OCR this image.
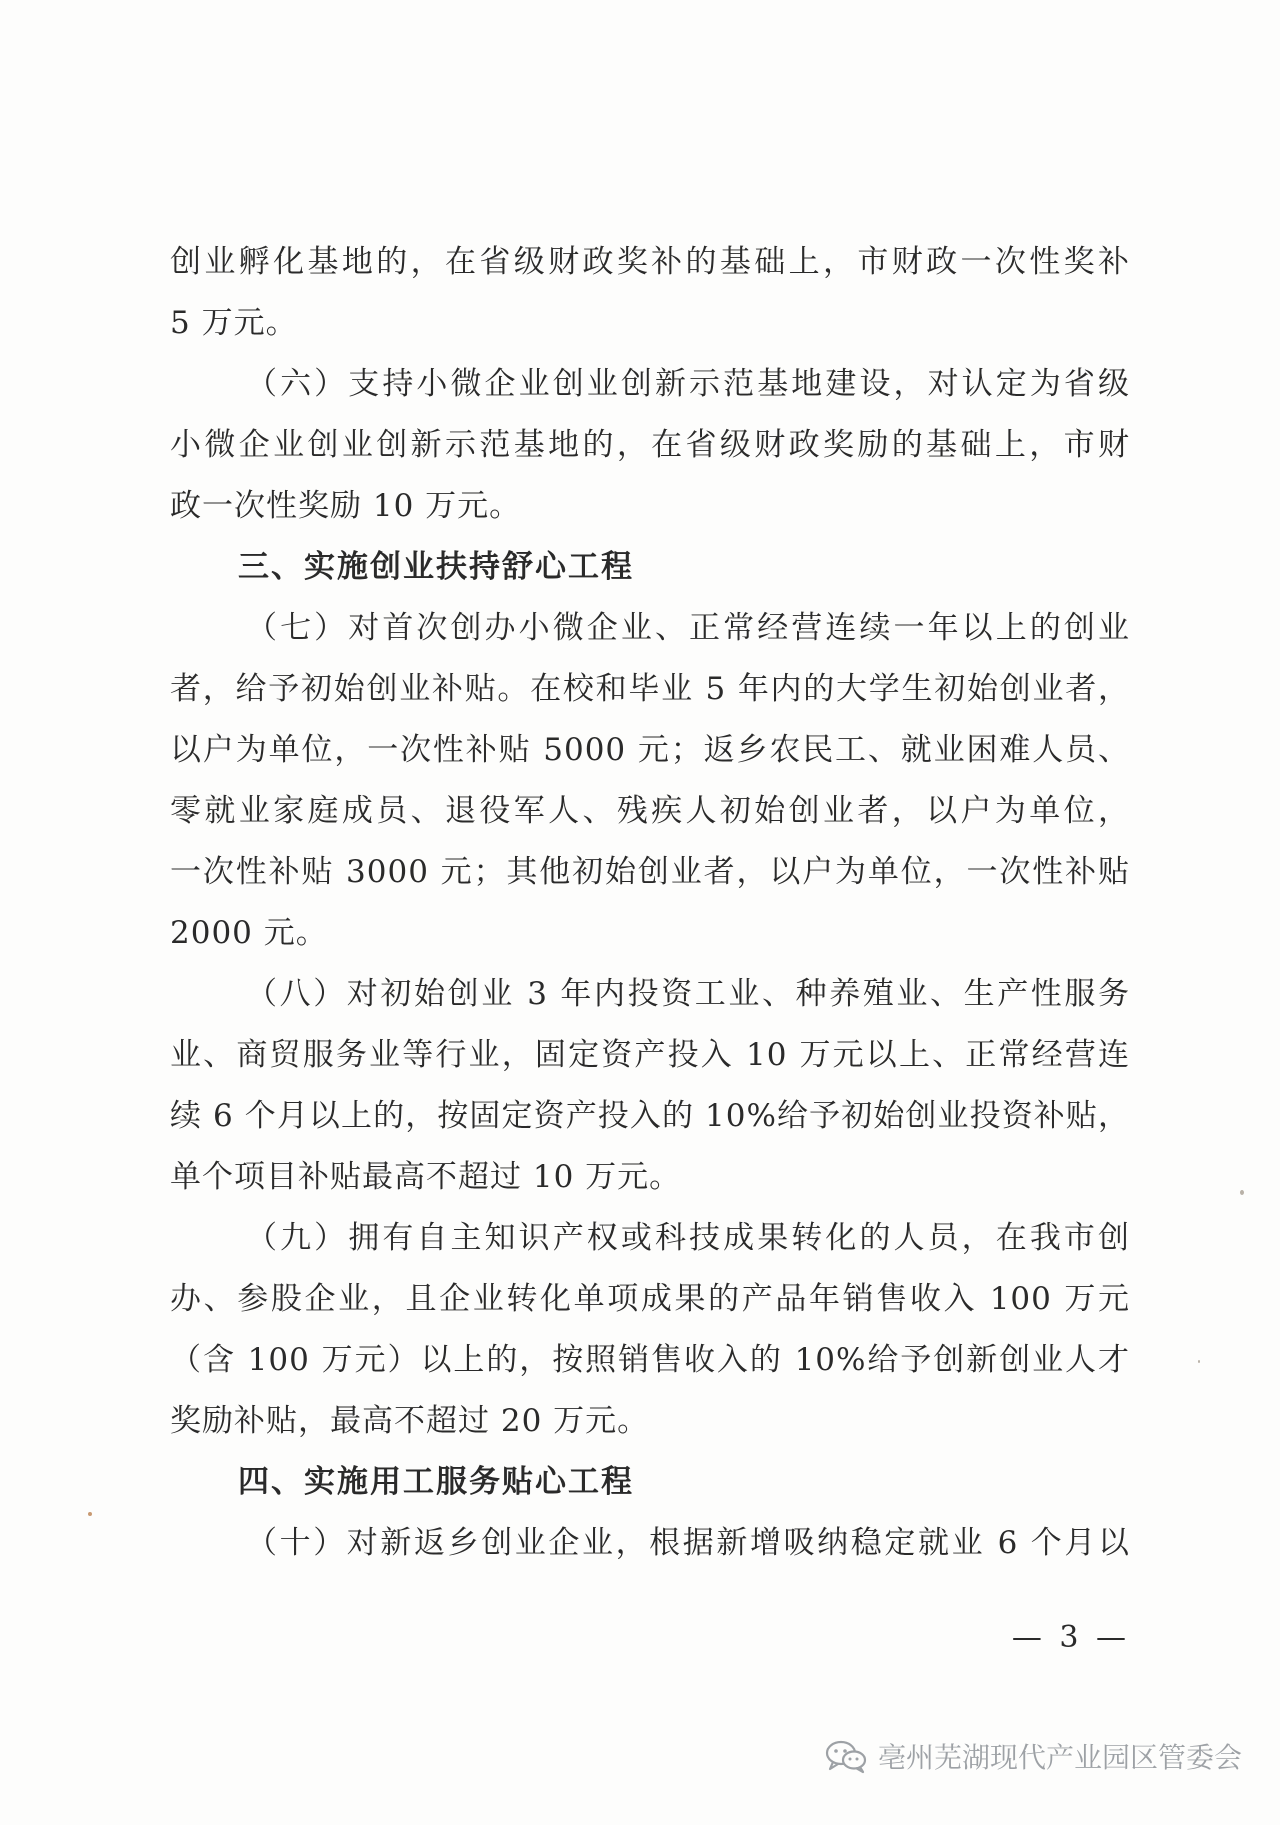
创业孵化基地的，在省级财政奖补的基础上，市财政一次性奖补
5 万元。
（六）支持小微企业创业创新示范基地建设，对认定为省级
小微企业创业创新示范基地的，在省级财政奖励的基础上，市财
政一次性奖励 10 万元。
三、实施创业扶持舒心工程
（七）对首次创办小微企业、正常经营连续一年以上的创业
者，给予初始创业补贴。在校和毕业 5 年内的大学生初始创业者，
以户为单位，一次性补贴 5000 元；返乡农民工、就业困难人员、
零就业家庭成员、退役军人、残疾人初始创业者，以户为单位，
一次性补贴 3000 元；其他初始创业者，以户为单位，一次性补贴
2000 元。
（八）对初始创业 3 年内投资工业、种养殖业、生产性服务
业、商贸服务业等行业，固定资产投入 10 万元以上、正常经营连
续 6 个月以上的，按固定资产投入的 10%给予初始创业投资补贴，
单个项目补贴最高不超过 10 万元。
（九）拥有自主知识产权或科技成果转化的人员，在我市创
办、参股企业，且企业转化单项成果的产品年销售收入 100 万元
（含 100 万元）以上的，按照销售收入的 10%给予创新创业人才
奖励补贴，最高不超过 20 万元。
四、实施用工服务贴心工程
（十）对新返乡创业企业，根据新增吸纳稳定就业 6 个月以
— 3 —
亳州芜湖现代产业园区管委会
